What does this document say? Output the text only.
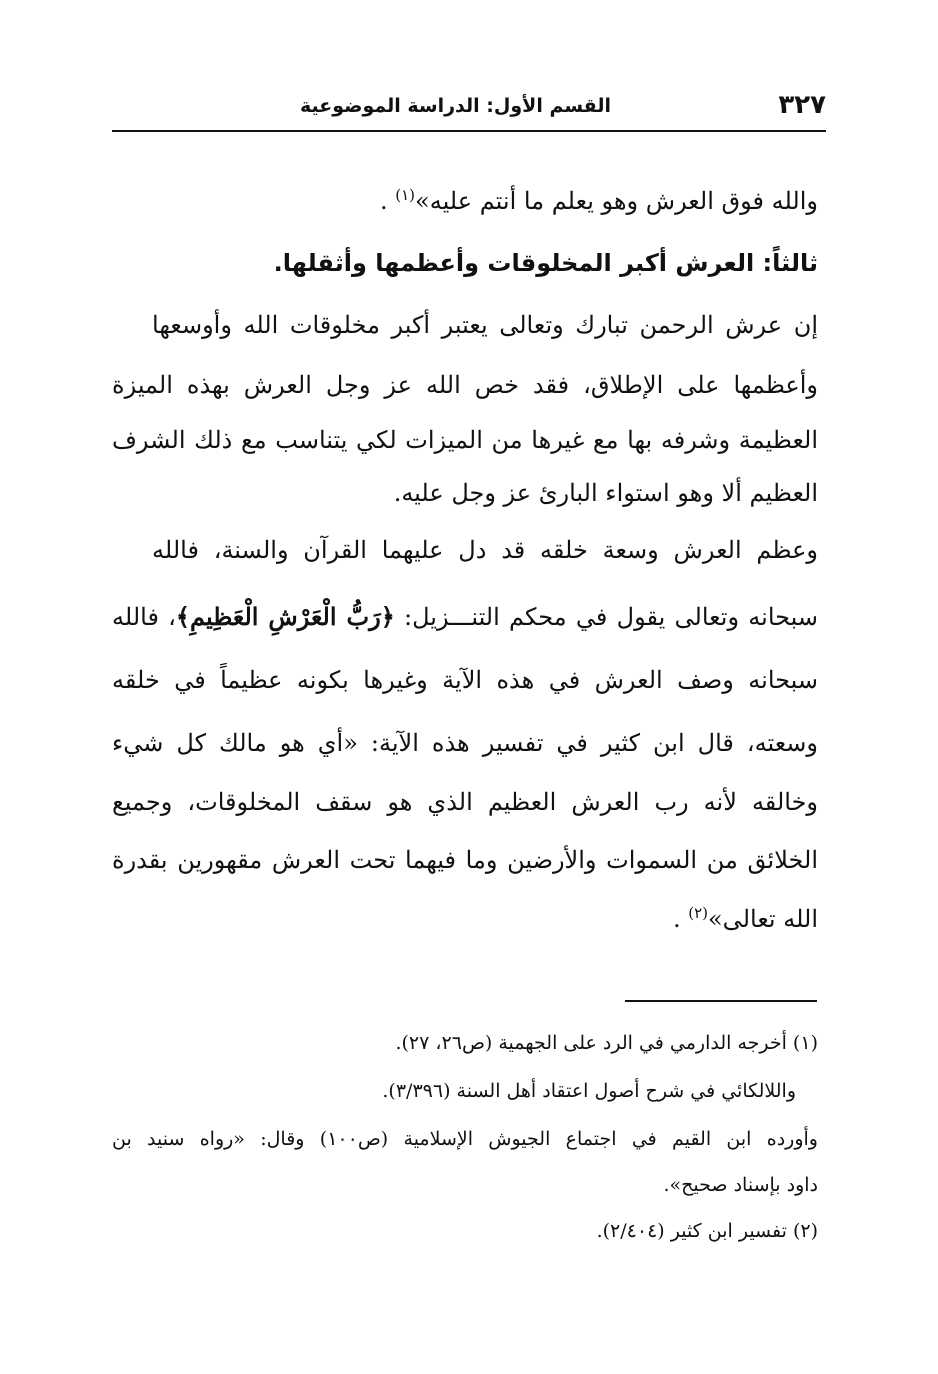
٣٢٧
القسم الأول: الدراسة الموضوعية
والله فوق العرش وهو يعلم ما أنتم عليه»$^{(١)}$ .
ثالثاً: العرش أكبر المخلوقات وأعظمها وأثقلها.
إن عرش الرحمن تبارك وتعالى يعتبر أكبر مخلوقات الله وأوسعها
وأعظمها على الإطلاق، فقد خص الله عز وجل العرش بهذه الميزة
العظيمة وشرفه بها مع غيرها من الميزات لكي يتناسب مع ذلك الشرف
العظيم ألا وهو استواء البارئ عز وجل عليه.
وعظم العرش وسعة خلقه قد دل عليهما القرآن والسنة، فالله
سبحانه وتعالى يقول في محكم التنـــزيل: ﴿رَبُّ الْعَرْشِ الْعَظِيمِ﴾، فالله
سبحانه وصف العرش في هذه الآية وغيرها بكونه عظيماً في خلقه
وسعته، قال ابن كثير في تفسير هذه الآية: «أي هو مالك كل شيء
وخالقه لأنه رب العرش العظيم الذي هو سقف المخلوقات، وجميع
الخلائق من السموات والأرضين وما فيهما تحت العرش مقهورين بقدرة
الله تعالى»$^{(٢)}$ .
(١) أخرجه الدارمي في الرد على الجهمية (ص٢٦، ٢٧).
واللالكائي في شرح أصول اعتقاد أهل السنة (٣/٣٩٦).
وأورده ابن القيم في اجتماع الجيوش الإسلامية (ص١٠٠) وقال: «رواه سنيد بن
داود بإسناد صحيح».
(٢) تفسير ابن كثير (٢/٤٠٤).
